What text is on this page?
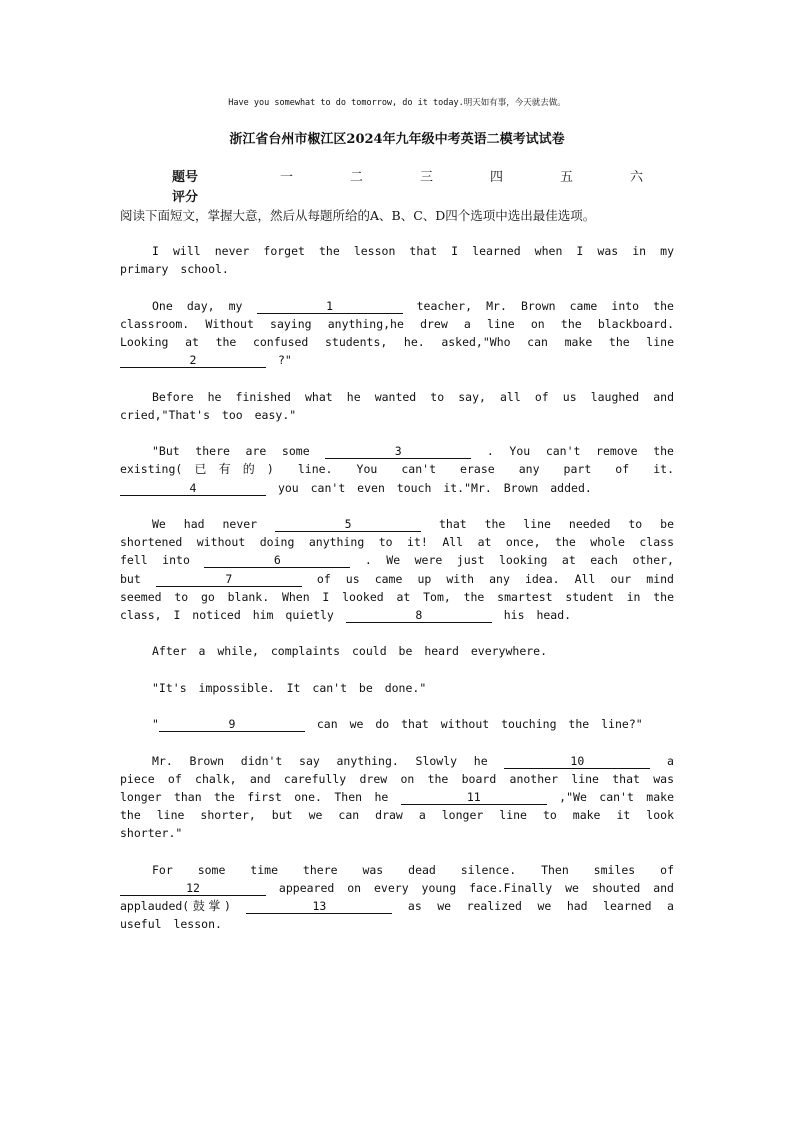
Have you somewhat to do tomorrow, do it today.明天如有事，今天就去做。
浙江省台州市椒江区2024年九年级中考英语二模考试试卷
题号	一	二	三	四	五	六
评分
阅读下面短文，掌握大意，然后从每题所给的A、B、C、D四个选项中选出最佳选项。

I will never forget the lesson that I learned when I was in my primary school.

One day, my	1	teacher, Mr. Brown came into the classroom. Without saying anything,he drew a line on the blackboard. Looking at the confused students, he. asked,"Who can make the line 2	?"

Before he finished what he wanted to say, all of us laughed and cried,"That's too easy."

"But there are some	3	. You can't remove the existing(已有的) line. You can't erase any part of it. 4	you can't even touch it."Mr. Brown added.

We had never	5	that the line needed to be shortened without doing anything to it! All at once, the whole class fell into	6	. We were just looking at each other, but	7	of us came up with any idea. All our mind seemed to go blank. When I looked at Tom, the smartest student in the class, I noticed him quietly	8	his head.

After a while, complaints could be heard everywhere.

"It's impossible. It can't be done."

"	9	can we do that without touching the line?"

Mr. Brown didn't say anything. Slowly he	10	a piece of chalk, and carefully drew on the board another line that was longer than the first one. Then he	11	,"We can't make the line shorter, but we can draw a longer line to make it look shorter."

For some time there was dead silence. Then smiles of 12	appeared on every young face.Finally we shouted and applauded(鼓掌)	13	as we realized we had learned a useful lesson.
